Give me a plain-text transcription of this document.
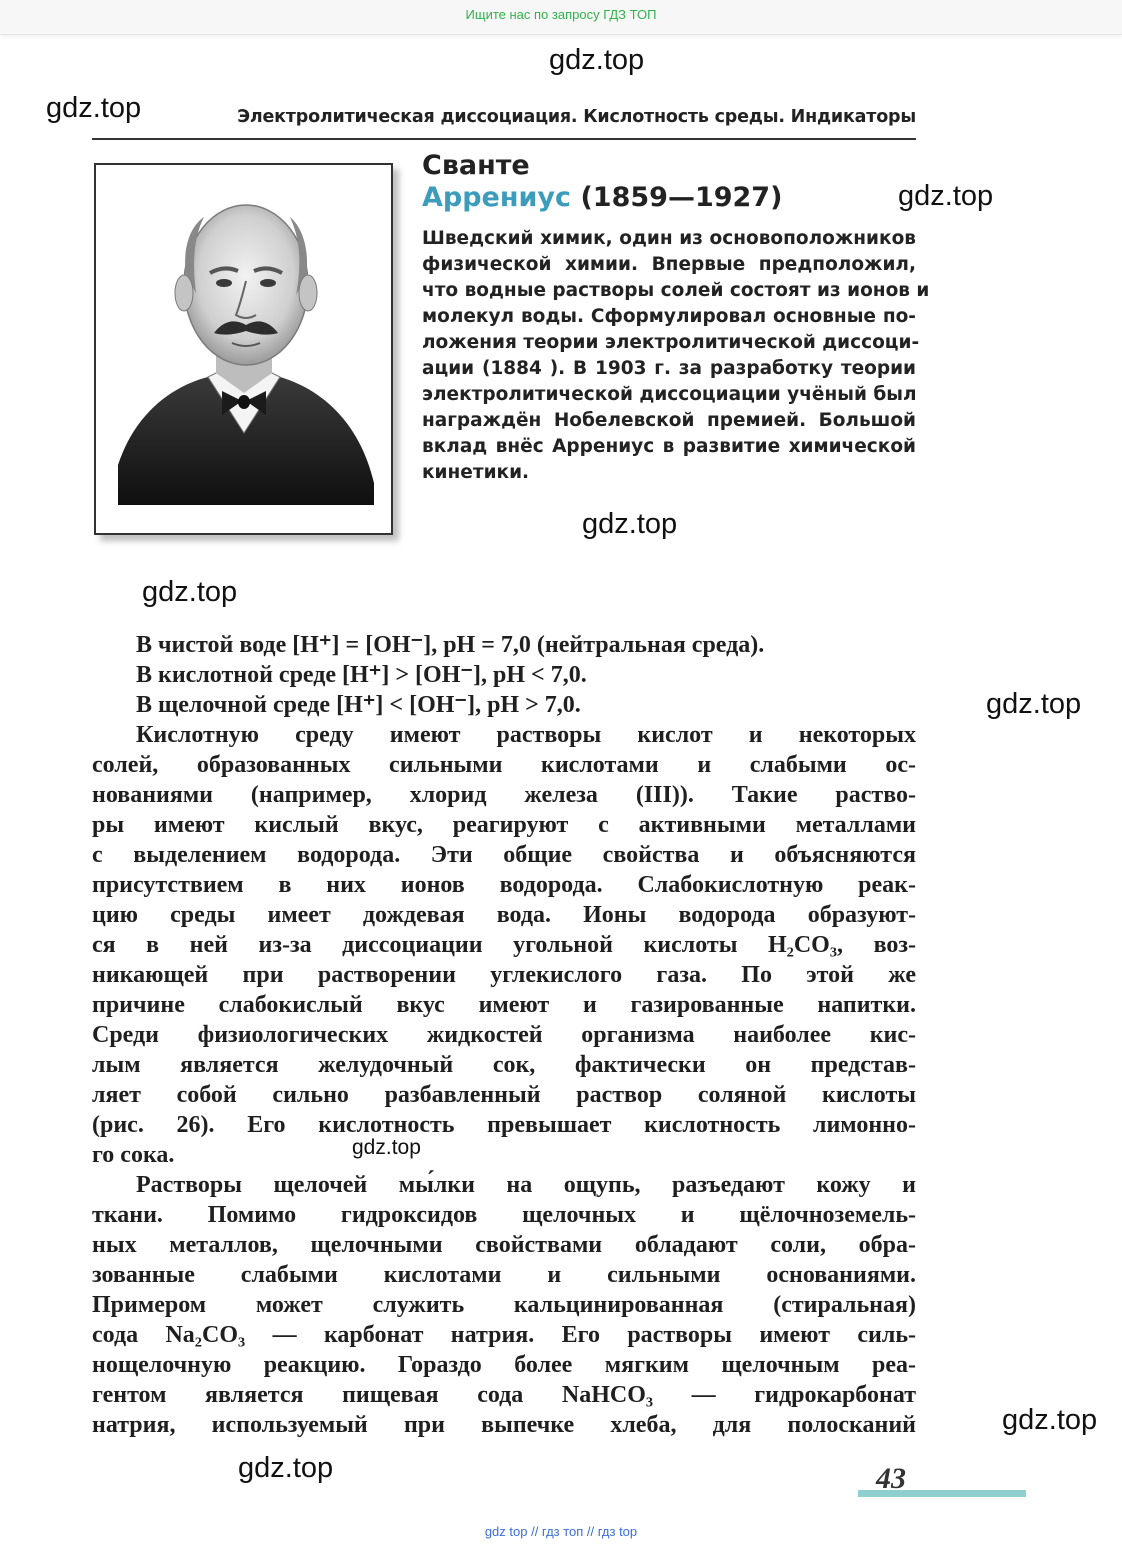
Ищите нас по запросу ГДЗ ТОП
Электролитическая диссоциация. Кислотность среды. Индикаторы
Сванте
Аррениус (1859—1927)
Шведский химик, один из основоположников
физической химии. Впервые предположил,
что водные растворы солей состоят из ионов и
молекул воды. Сформулировал основные по-
ложения теории электролитической диссоци-
ации (1884 ). В 1903 г. за разработку теории
электролитической диссоциации учёный был
награждён Нобелевской премией. Большой
вклад внёс Аррениус в развитие химической
кинетики.
В чистой воде [H⁺] = [OH⁻], pH = 7,0 (нейтральная среда).
В кислотной среде [H⁺] > [OH⁻], pH < 7,0.
В щелочной среде [H⁺] < [OH⁻], pH > 7,0.
Кислотную среду имеют растворы кислот и некоторых
солей, образованных сильными кислотами и слабыми ос-
нованиями (например, хлорид железа (III)). Такие раство-
ры имеют кислый вкус, реагируют с активными металлами
с выделением водорода. Эти общие свойства и объясняются
присутствием в них ионов водорода. Слабокислотную реак-
цию среды имеет дождевая вода. Ионы водорода образуют-
ся в ней из-за диссоциации угольной кислоты H₂CO₃, воз-
никающей при растворении углекислого газа. По этой же
причине слабокислый вкус имеют и газированные напитки.
Среди физиологических жидкостей организма наиболее кис-
лым является желудочный сок, фактически он представ-
ляет собой сильно разбавленный раствор соляной кислоты
(рис. 26). Его кислотность превышает кислотность лимонно-
го сока.
Растворы щелочей мы́лки на ощупь, разъедают кожу и
ткани. Помимо гидроксидов щелочных и щёлочноземель-
ных металлов, щелочными свойствами обладают соли, обра-
зованные слабыми кислотами и сильными основаниями.
Примером может служить кальцинированная (стиральная)
сода Na₂CO₃ — карбонат натрия. Его растворы имеют силь-
нощелочную реакцию. Гораздо более мягким щелочным реа-
гентом является пищевая сода NaHCO₃ — гидрокарбонат
натрия, используемый при выпечке хлеба, для полосканий
gdz.top
gdz.top
gdz.top
gdz.top
gdz.top
gdz.top
gdz.top
gdz.top
gdz.top	43
gdz top // гдз топ // гдз top
